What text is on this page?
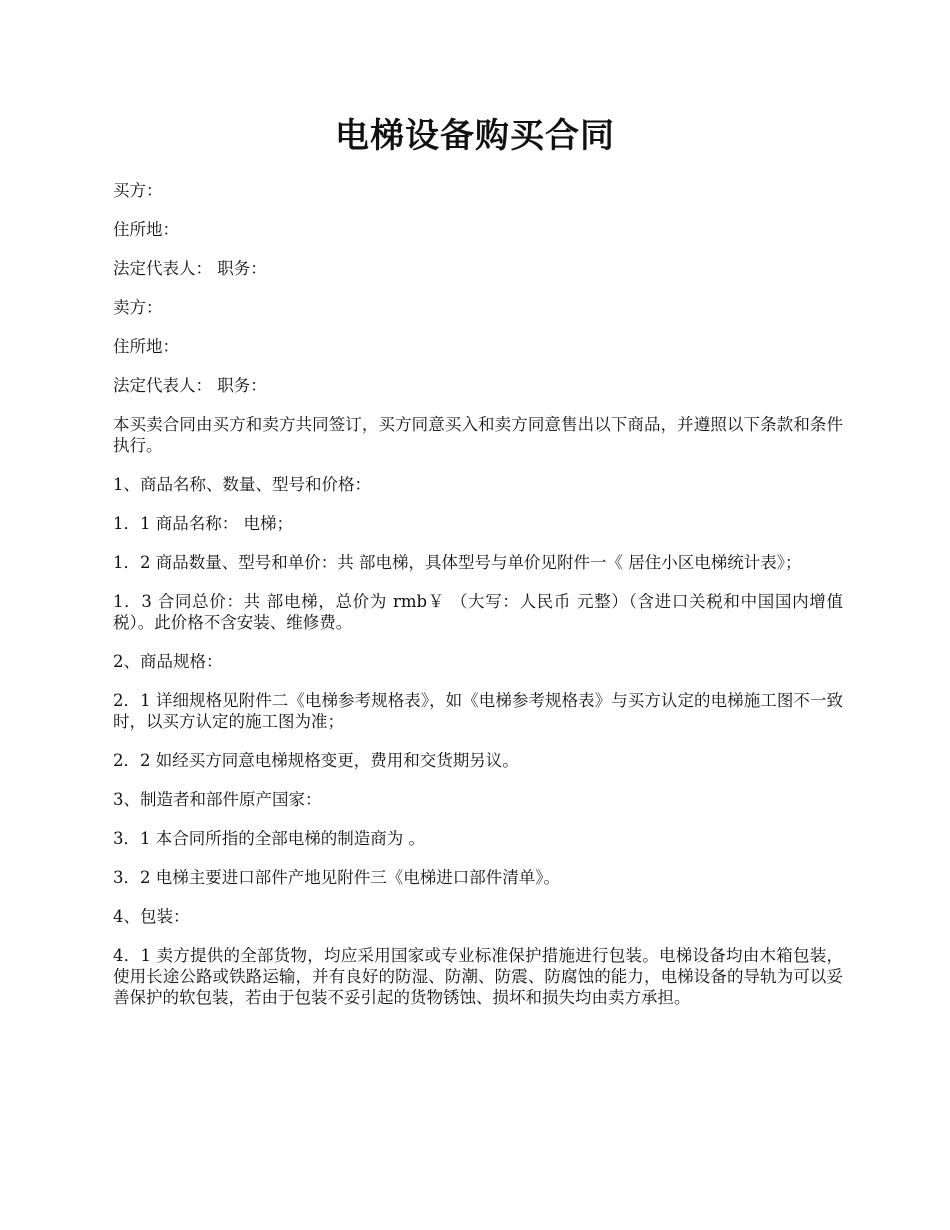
电梯设备购买合同

买方：

住所地：

法定代表人： 职务：

卖方：

住所地：

法定代表人： 职务：

本买卖合同由买方和卖方共同签订，买方同意买入和卖方同意售出以下商品，并遵照以下条款和条件执行。

1、商品名称、数量、型号和价格：

1．1 商品名称： 电梯；

1．2 商品数量、型号和单价：共 部电梯，具体型号与单价见附件一《 居住小区电梯统计表》；

1．3 合同总价：共 部电梯，总价为 rmb￥ （大写：人民币 元整）（含进口关税和中国国内增值税）。此价格不含安装、维修费。

2、商品规格：

2．1 详细规格见附件二《电梯参考规格表》，如《电梯参考规格表》与买方认定的电梯施工图不一致时，以买方认定的施工图为准；

2．2 如经买方同意电梯规格变更，费用和交货期另议。

3、制造者和部件原产国家：

3．1 本合同所指的全部电梯的制造商为 。

3．2 电梯主要进口部件产地见附件三《电梯进口部件清单》。

4、包装：

4．1 卖方提供的全部货物，均应采用国家或专业标准保护措施进行包装。电梯设备均由木箱包装，使用长途公路或铁路运输，并有良好的防湿、防潮、防震、防腐蚀的能力，电梯设备的导轨为可以妥善保护的软包装，若由于包装不妥引起的货物锈蚀、损坏和损失均由卖方承担。
